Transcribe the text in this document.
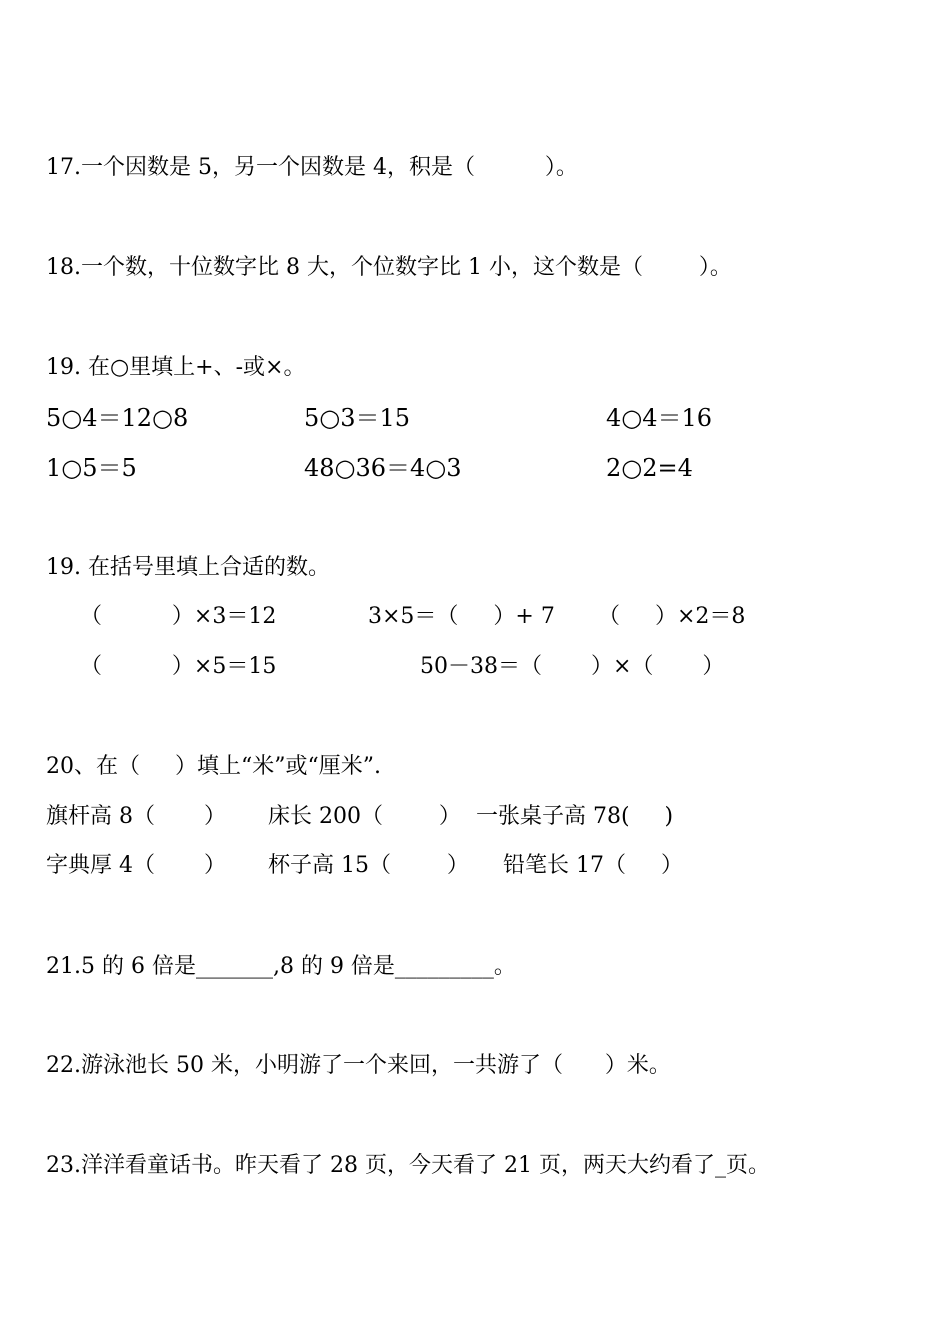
17.一个因数是 5，另一个因数是 4，积是（          ）。

18.一个数，十位数字比 8 大，个位数字比 1 小，这个数是（        ）。

19. 在○里填上+、-或×。

5○4＝12○8	5○3＝15	4○4＝16

1○5＝5	48○36＝4○3	2○2=4

19. 在括号里填上合适的数。

（          ）×3＝12	3×5＝（     ）+ 7 （     ）×2＝8

（          ）×5＝15	50－38＝（       ）×（       ）

20、在（     ）填上“米”或“厘米”.

旗杆高 8（       ） 床长 200（        ） 一张桌子高 78(     )

字典厚 4（       ） 杯子高 15（        ） 铅笔长 17（     ）

21.5 的 6 倍是_______,8 的 9 倍是_________。

22.游泳池长 50 米，小明游了一个来回，一共游了（      ）米。

23.洋洋看童话书。昨天看了 28 页，今天看了 21 页，两天大约看了_页。
